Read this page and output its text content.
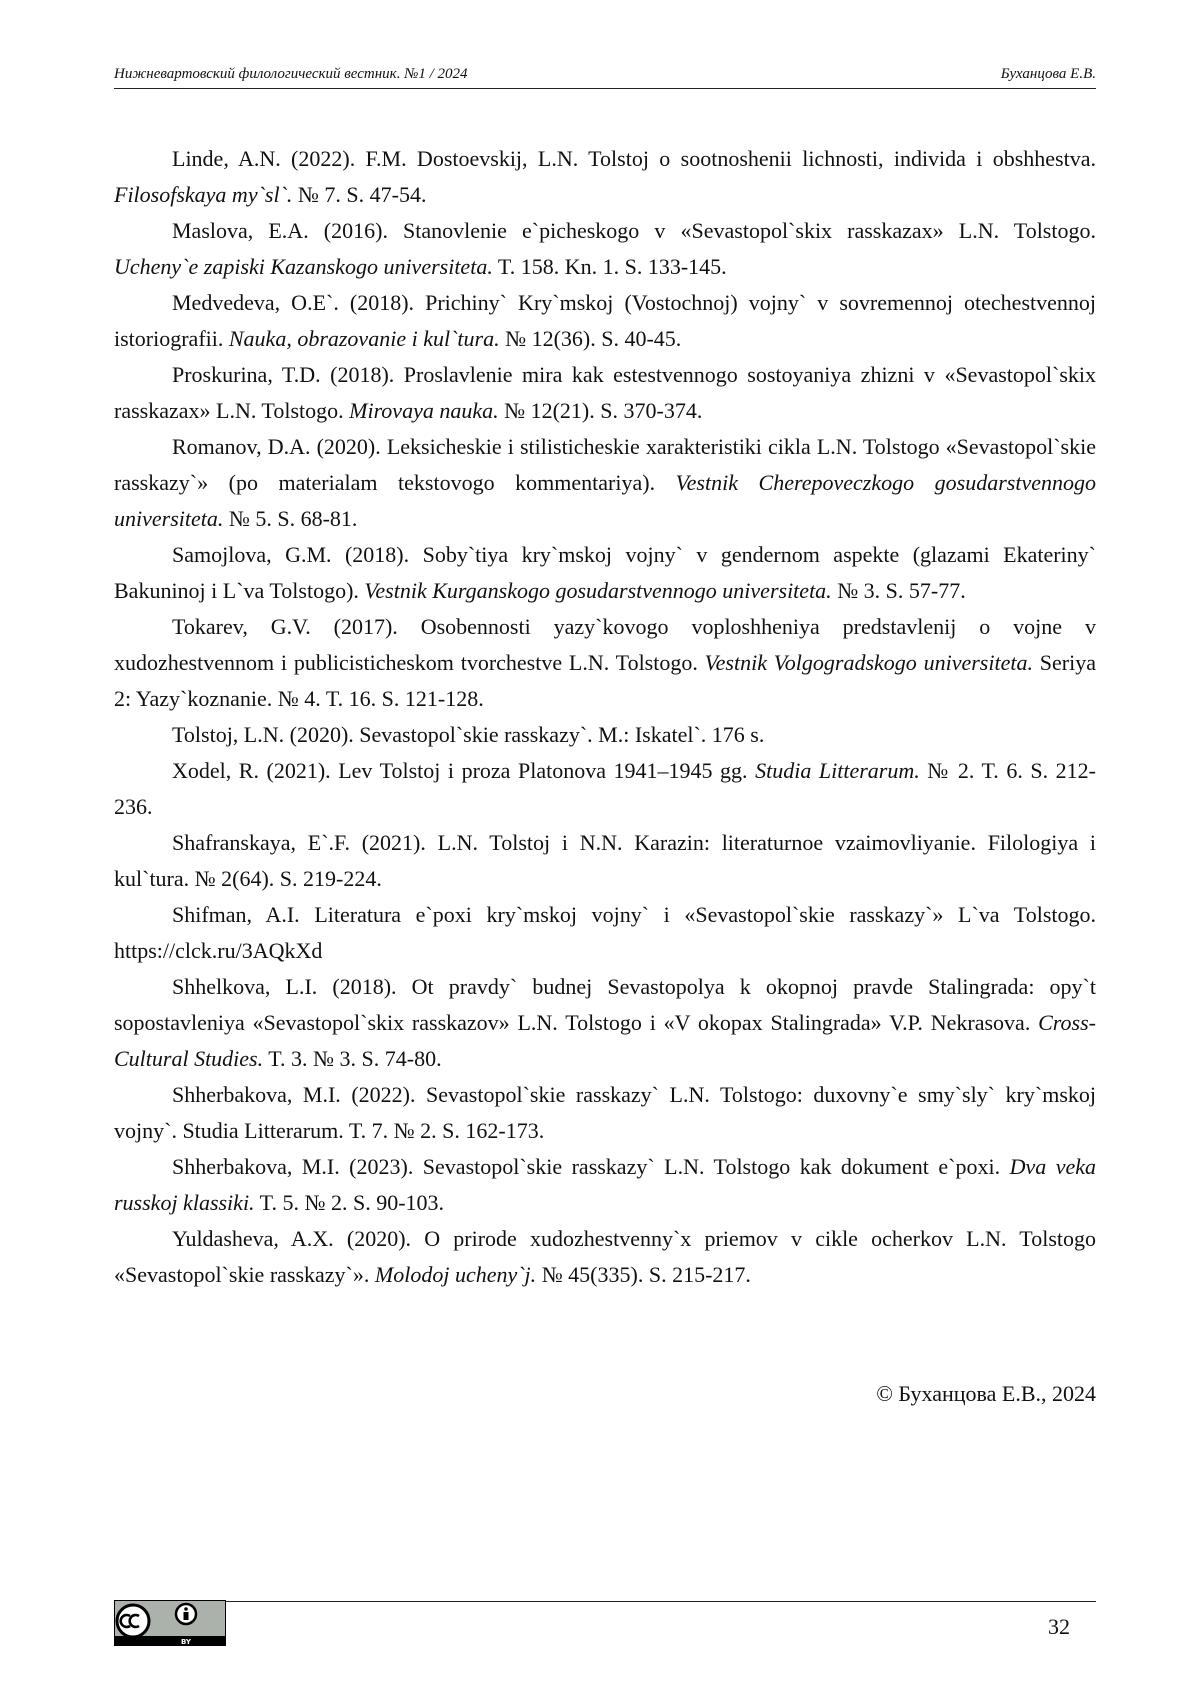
Нижневартовский филологический вестник. №1 / 2024	Буханцова Е.В.

Linde, A.N. (2022). F.M. Dostoevskij, L.N. Tolstoj o sootnoshenii lichnosti, individa i obshhestva. Filosofskaya my`sl`. № 7. S. 47-54.

Maslova, E.A. (2016). Stanovlenie e`picheskogo v «Sevastopol`skix rasskazax» L.N. Tolstogo. Ucheny`e zapiski Kazanskogo universiteta. T. 158. Kn. 1. S. 133-145.

Medvedeva, O.E`. (2018). Prichiny` Kry`mskoj (Vostochnoj) vojny` v sovremennoj otechestvennoj istoriografii. Nauka, obrazovanie i kul`tura. № 12(36). S. 40-45.

Proskurina, T.D. (2018). Proslavlenie mira kak estestvennogo sostoyaniya zhizni v «Sevastopol`skix rasskazax» L.N. Tolstogo. Mirovaya nauka. № 12(21). S. 370-374.

Romanov, D.A. (2020). Leksicheskie i stilisticheskie xarakteristiki cikla L.N. Tolstogo «Sevastopol`skie rasskazy`» (po materialam tekstovogo kommentariya). Vestnik Cherepoveczkogo gosudarstvennogo universiteta. № 5. S. 68-81.

Samojlova, G.M. (2018). Soby`tiya kry`mskoj vojny` v gendernom aspekte (glazami Ekateriny` Bakuninoj i L`va Tolstogo). Vestnik Kurganskogo gosudarstvennogo universiteta. № 3. S. 57-77.

Tokarev, G.V. (2017). Osobennosti yazy`kovogo voploshheniya predstavlenij o vojne v xudozhestvennom i publicisticheskom tvorchestve L.N. Tolstogo. Vestnik Volgogradskogo universiteta. Seriya 2: Yazy`koznanie. № 4. T. 16. S. 121-128.

Tolstoj, L.N. (2020). Sevastopol`skie rasskazy`. M.: Iskatel`. 176 s.

Xodel, R. (2021). Lev Tolstoj i proza Platonova 1941–1945 gg. Studia Litterarum. № 2. T. 6. S. 212-236.

Shafranskaya, E`.F. (2021). L.N. Tolstoj i N.N. Karazin: literaturnoe vzaimovliyanie. Filologiya i kul`tura. № 2(64). S. 219-224.

Shifman, A.I. Literatura e`poxi kry`mskoj vojny` i «Sevastopol`skie rasskazy`» L`va Tolstogo. https://clck.ru/3AQkXd

Shhelkova, L.I. (2018). Ot pravdy` budnej Sevastopolya k okopnoj pravde Stalingrada: opy`t sopostavleniya «Sevastopol`skix rasskazov» L.N. Tolstogo i «V okopax Stalingrada» V.P. Nekrasova. Cross-Cultural Studies. T. 3. № 3. S. 74-80.

Shherbakova, M.I. (2022). Sevastopol`skie rasskazy` L.N. Tolstogo: duxovny`e smy`sly` kry`mskoj vojny`. Studia Litterarum. T. 7. № 2. S. 162-173.

Shherbakova, M.I. (2023). Sevastopol`skie rasskazy` L.N. Tolstogo kak dokument e`poxi. Dva veka russkoj klassiki. T. 5. № 2. S. 90-103.

Yuldasheva, A.X. (2020). O prirode xudozhestvenny`x priemov v cikle ocherkov L.N. Tolstogo «Sevastopol`skie rasskazy`». Molodoj ucheny`j. № 45(335). S. 215-217.

© Буханцова Е.В., 2024
BY
32
